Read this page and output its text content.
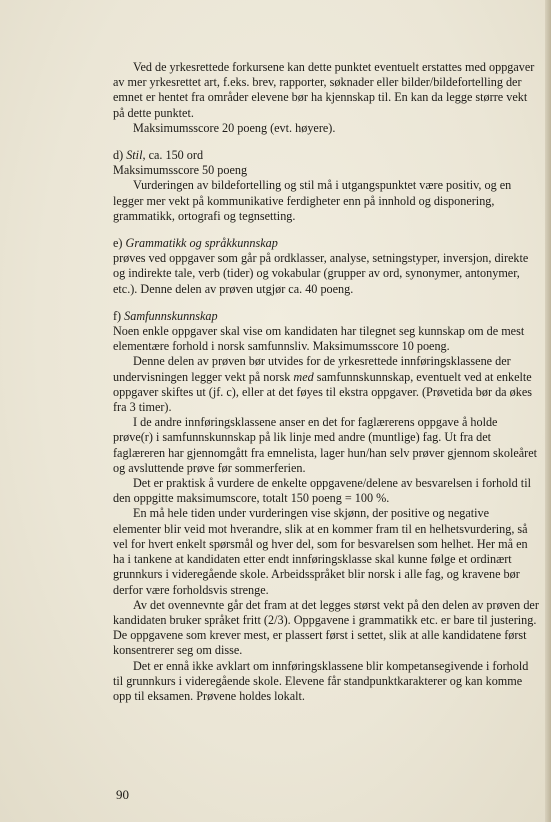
Ved de yrkesrettede forkursene kan dette punktet eventuelt erstattes med oppgaver av mer yrkesrettet art, f.eks. brev, rapporter, søknader eller bilder/bildefortelling der emnet er hentet fra områder elevene bør ha kjennskap til. En kan da legge større vekt på dette punktet.

Maksimumsscore 20 poeng (evt. høyere).

d) Stil, ca. 150 ord

Maksimumsscore 50 poeng

Vurderingen av bildefortelling og stil må i utgangspunktet være positiv, og en legger mer vekt på kommunikative ferdigheter enn på innhold og disponering, grammatikk, ortografi og tegnsetting.

e) Grammatikk og språkkunnskap

prøves ved oppgaver som går på ordklasser, analyse, setningstyper, inversjon, direkte og indirekte tale, verb (tider) og vokabular (grupper av ord, synonymer, antonymer, etc.). Denne delen av prøven utgjør ca. 40 poeng.

f) Samfunnskunnskap

Noen enkle oppgaver skal vise om kandidaten har tilegnet seg kunnskap om de mest elementære forhold i norsk samfunnsliv. Maksimumsscore 10 poeng.

Denne delen av prøven bør utvides for de yrkesrettede innføringsklassene der undervisningen legger vekt på norsk med samfunnskunnskap, eventuelt ved at enkelte oppgaver skiftes ut (jf. c), eller at det føyes til ekstra oppgaver. (Prøvetida bør da økes fra 3 timer).

I de andre innføringsklassene anser en det for faglærerens oppgave å holde prøve(r) i samfunnskunnskap på lik linje med andre (muntlige) fag. Ut fra det faglæreren har gjennomgått fra emnelista, lager hun/han selv prøver gjennom skoleåret og avsluttende prøve før sommerferien.

Det er praktisk å vurdere de enkelte oppgavene/delene av besvarelsen i forhold til den oppgitte maksimumscore, totalt 150 poeng = 100 %.

En må hele tiden under vurderingen vise skjønn, der positive og negative elementer blir veid mot hverandre, slik at en kommer fram til en helhetsvurdering, så vel for hvert enkelt spørsmål og hver del, som for besvarelsen som helhet. Her må en ha i tankene at kandidaten etter endt innføringsklasse skal kunne følge et ordinært grunnkurs i videregående skole. Arbeidsspråket blir norsk i alle fag, og kravene bør derfor være forholdsvis strenge.

Av det ovennevnte går det fram at det legges størst vekt på den delen av prøven der kandidaten bruker språket fritt (2/3). Oppgavene i grammatikk etc. er bare til justering. De oppgavene som krever mest, er plassert først i settet, slik at alle kandidatene først konsentrerer seg om disse.

Det er ennå ikke avklart om innføringsklassene blir kompetansegivende i forhold til grunnkurs i videregående skole. Elevene får standpunktkarakterer og kan komme opp til eksamen. Prøvene holdes lokalt.

90
